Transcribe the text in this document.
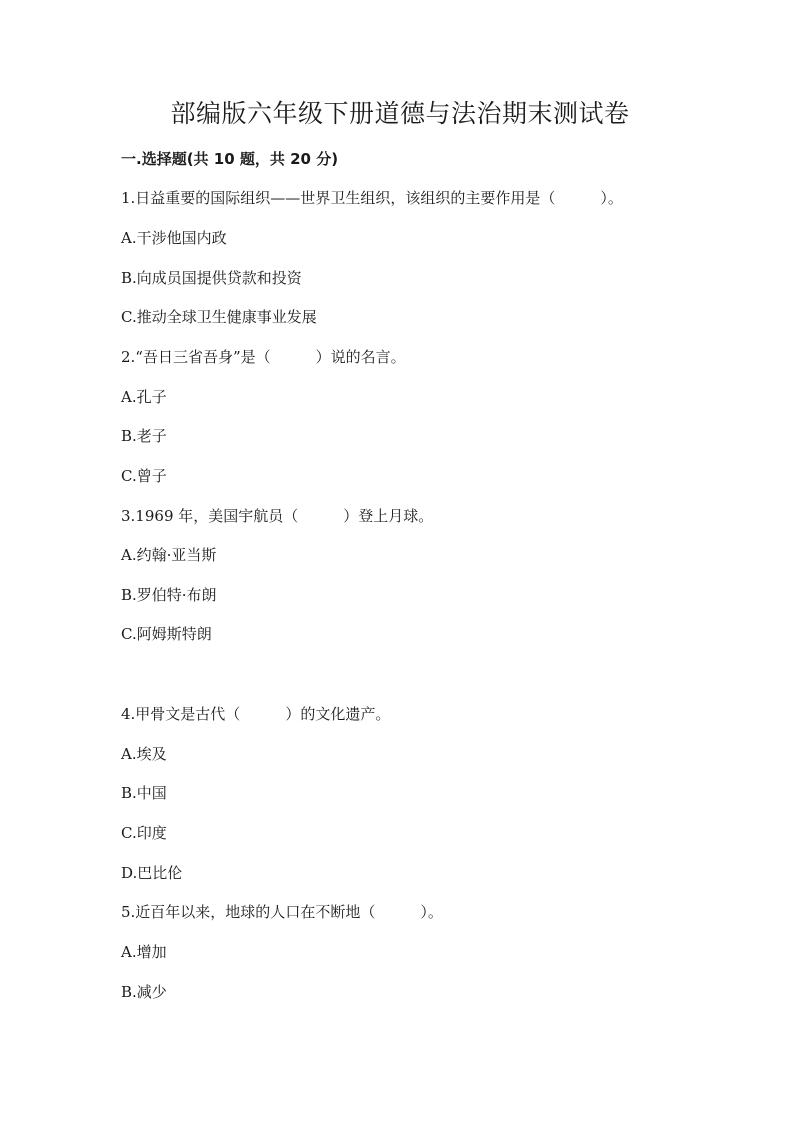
部编版六年级下册道德与法治期末测试卷
一.选择题(共 10 题，共 20 分)
1.日益重要的国际组织——世界卫生组织，该组织的主要作用是（　　　）。
A.干涉他国内政
B.向成员国提供贷款和投资
C.推动全球卫生健康事业发展
2.“吾日三省吾身”是（　　　）说的名言。
A.孔子
B.老子
C.曾子
3.1969 年，美国宇航员（　　　）登上月球。
A.约翰·亚当斯
B.罗伯特·布朗
C.阿姆斯特朗
4.甲骨文是古代（　　　）的文化遗产。
A.埃及
B.中国
C.印度
D.巴比伦
5.近百年以来，地球的人口在不断地（　　　）。
A.增加
B.减少
